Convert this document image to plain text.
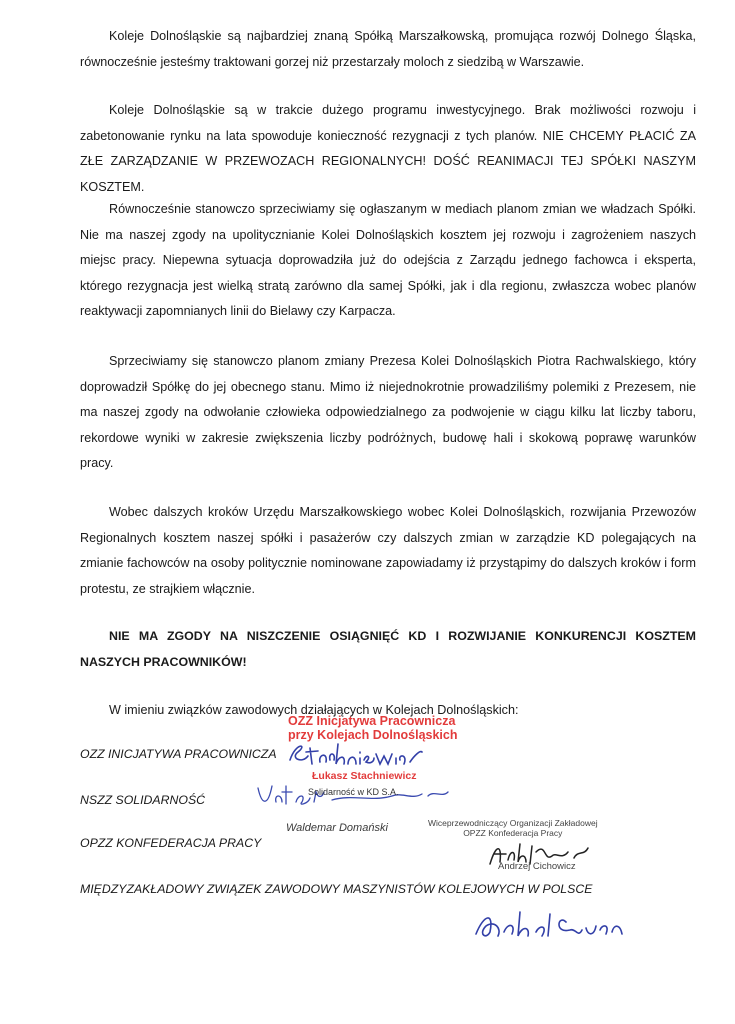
Koleje Dolnośląskie są najbardziej znaną Spółką Marszałkowską, promująca rozwój Dolnego Śląska, równocześnie jesteśmy traktowani gorzej niż przestarzały moloch z siedzibą w Warszawie.

Koleje Dolnośląskie są w trakcie dużego programu inwestycyjnego. Brak możliwości rozwoju i zabetonowanie rynku na lata spowoduje konieczność rezygnacji z tych planów. NIE CHCEMY PŁACIĆ ZA ZŁE ZARZĄDZANIE W PRZEWOZACH REGIONALNYCH! DOŚĆ REANIMACJI TEJ SPÓŁKI NASZYM KOSZTEM.

Równocześnie stanowczo sprzeciwiamy się ogłaszanym w mediach planom zmian we władzach Spółki. Nie ma naszej zgody na upolitycznianie Kolei Dolnośląskich kosztem jej rozwoju i zagrożeniem naszych miejsc pracy. Niepewna sytuacja doprowadziła już do odejścia z Zarządu jednego fachowca i eksperta, którego rezygnacja jest wielką stratą zarówno dla samej Spółki, jak i dla regionu, zwłaszcza wobec planów reaktywacji zapomnianych linii do Bielawy czy Karpacza.

Sprzeciwiamy się stanowczo planom zmiany Prezesa Kolei Dolnośląskich Piotra Rachwalskiego, który doprowadził Spółkę do jej obecnego stanu. Mimo iż niejednokrotnie prowadziliśmy polemiki z Prezesem, nie ma naszej zgody na odwołanie człowieka odpowiedzialnego za podwojenie w ciągu kilku lat liczby taboru, rekordowe wyniki w zakresie zwiększenia liczby podróżnych, budowę hali i skokową poprawę warunków pracy.

Wobec dalszych kroków Urzędu Marszałkowskiego wobec Kolei Dolnośląskich, rozwijania Przewozów Regionalnych kosztem naszej spółki i pasażerów czy dalszych zmian w zarządzie KD polegających na zmianie fachowców na osoby politycznie nominowane zapowiadamy iż przystąpimy do dalszych kroków i form protestu, ze strajkiem włącznie.

NIE MA ZGODY NA NISZCZENIE OSIĄGNIĘĆ KD I ROZWIJANIE KONKURENCJI KOSZTEM NASZYCH PRACOWNIKÓW!

W imieniu związków zawodowych działających w Kolejach Dolnośląskich:

OZZ INICJATYWA PRACOWNICZA
NSZZ SOLIDARNOŚĆ
OPZZ KONFEDERACJA PRACY
MIĘDZYZAKŁADOWY ZWIĄZEK ZAWODOWY MASZYNISTÓW KOLEJOWYCH W POLSCE
OZZ Inicjatywa Pracownicza
przy Kolejach Dolnośląskich
Łukasz Stachniewicz
Solidarność w KD S.A.
Waldemar Domański	Wiceprzewodniczący Organizacji Zakładowej
OPZZ Konfederacja Pracy
Andrzej Cichowicz
